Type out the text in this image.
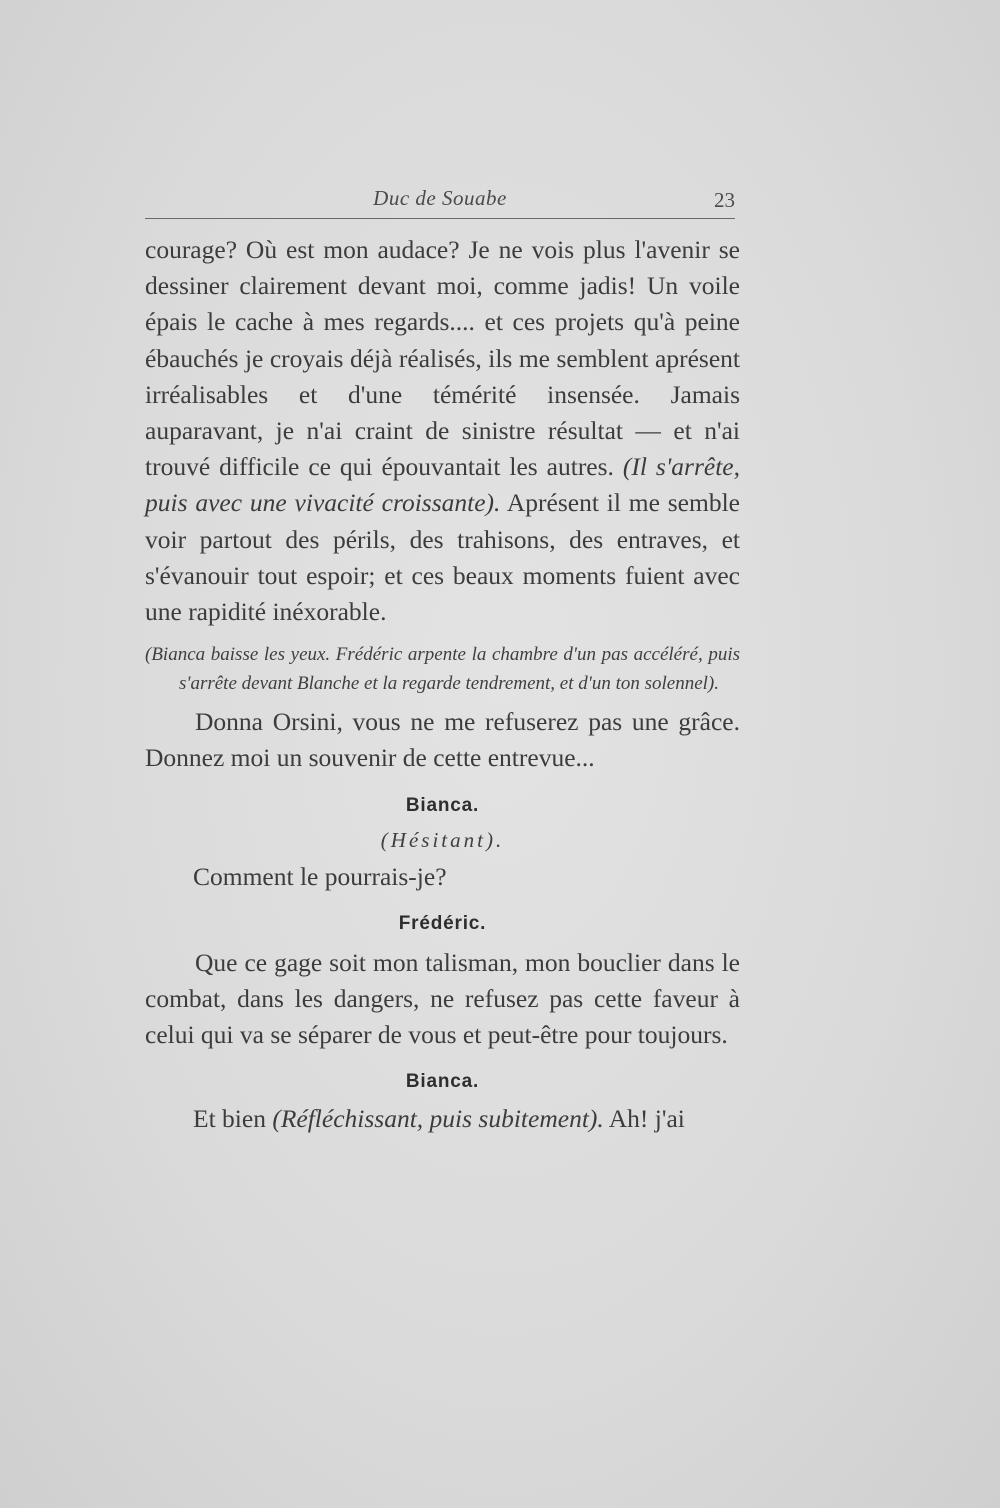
Duc de Souabe	23

courage? Où est mon audace? Je ne vois plus l'avenir se dessiner clairement devant moi, comme jadis! Un voile épais le cache à mes regards.... et ces projets qu'à peine ébauchés je croyais déjà réalisés, ils me semblent aprésent irréalisables et d'une témérité insensée. Jamais auparavant, je n'ai craint de sinistre résultat — et n'ai trouvé difficile ce qui épouvantait les autres. (Il s'arrête, puis avec une vivacité croissante). Aprésent il me semble voir partout des périls, des trahisons, des entraves, et s'évanouir tout espoir; et ces beaux moments fuient avec une rapidité inéxorable.

(Bianca baisse les yeux. Frédéric arpente la chambre d'un pas accéléré, puis s'arrête devant Blanche et la regarde tendrement, et d'un ton solennel).

Donna Orsini, vous ne me refuserez pas une grâce. Donnez moi un souvenir de cette entrevue...

Bianca.
(Hésitant).

Comment le pourrais-je?

Frédéric.

Que ce gage soit mon talisman, mon bouclier dans le combat, dans les dangers, ne refusez pas cette faveur à celui qui va se séparer de vous et peut-être pour toujours.

Bianca.

Et bien (Réfléchissant, puis subitement). Ah! j'ai
